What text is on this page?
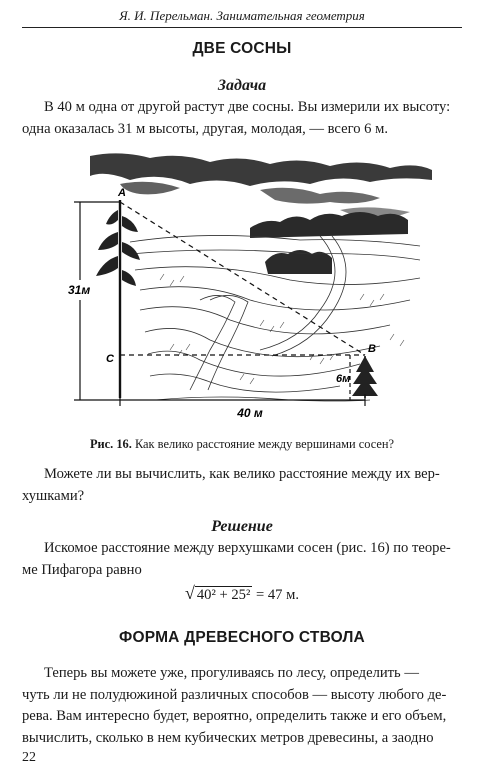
Я. И. Перельман. Занимательная геометрия
ДВЕ СОСНЫ
Задача
В 40 м одна от другой растут две сосны. Вы измерили их высоту:
одна оказалась 31 м высоты, другая, молодая, — всего 6 м.
A
B
C
31м
6м
40 м
Рис. 16. Как велико расстояние между вершинами сосен?
Можете ли вы вычислить, как велико расстояние между их вер-
хушками?
Решение
Искомое расстояние между верхушками сосен (рис. 16) по теоре-
ме Пифагора равно
√ 40² + 25² = 47 м.
ФОРМА ДРЕВЕСНОГО СТВОЛА
Теперь вы можете уже, прогуливаясь по лесу, определить —
чуть ли не полудюжиной различных способов — высоту любого де-
рева. Вам интересно будет, вероятно, определить также и его объем,
вычислить, сколько в нем кубических метров древесины, а заодно
22
